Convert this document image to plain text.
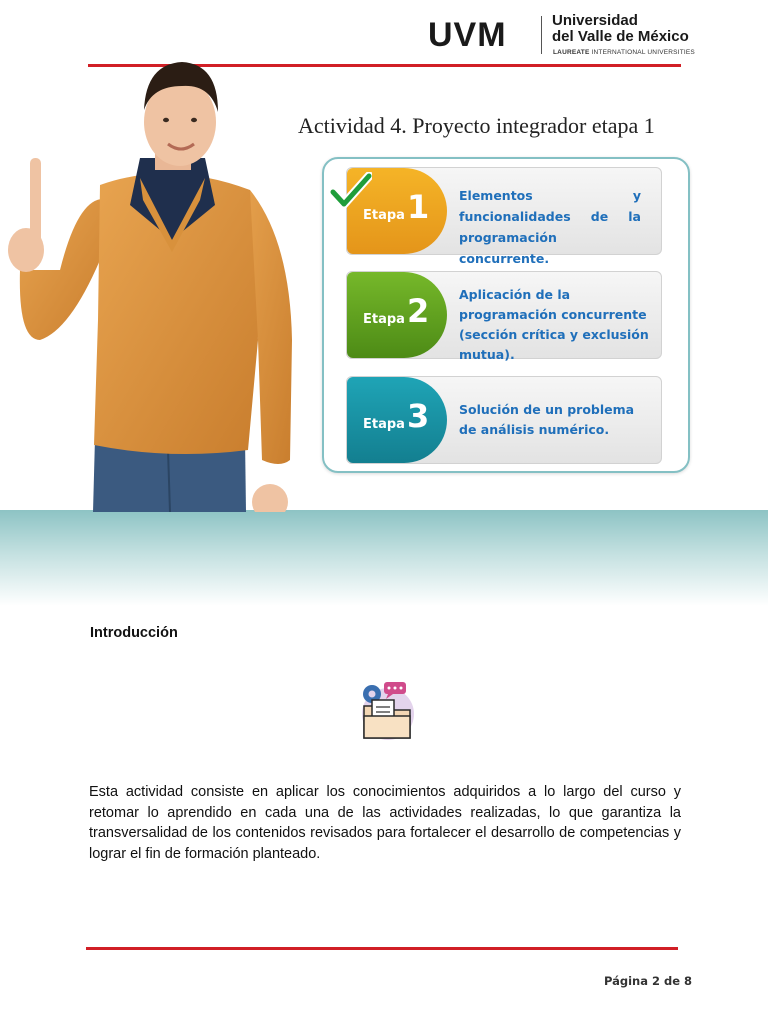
UVM	Universidad
del Valle de México
LAUREATE INTERNATIONAL UNIVERSITIES
Actividad 4. Proyecto integrador etapa 1
Etapa 1 Elementos y funcionalidades de la programación concurrente.
Etapa 2 Aplicación de la programación concurrente (sección crítica y exclusión mutua).
Etapa 3 Solución de un problema de análisis numérico.
Introducción
Esta actividad consiste en aplicar los conocimientos adquiridos a lo largo del curso y retomar lo aprendido en cada una de las actividades realizadas, lo que garantiza la transversalidad de los contenidos revisados para fortalecer el desarrollo de competencias y lograr el fin de formación planteado.
Página 2 de 8
